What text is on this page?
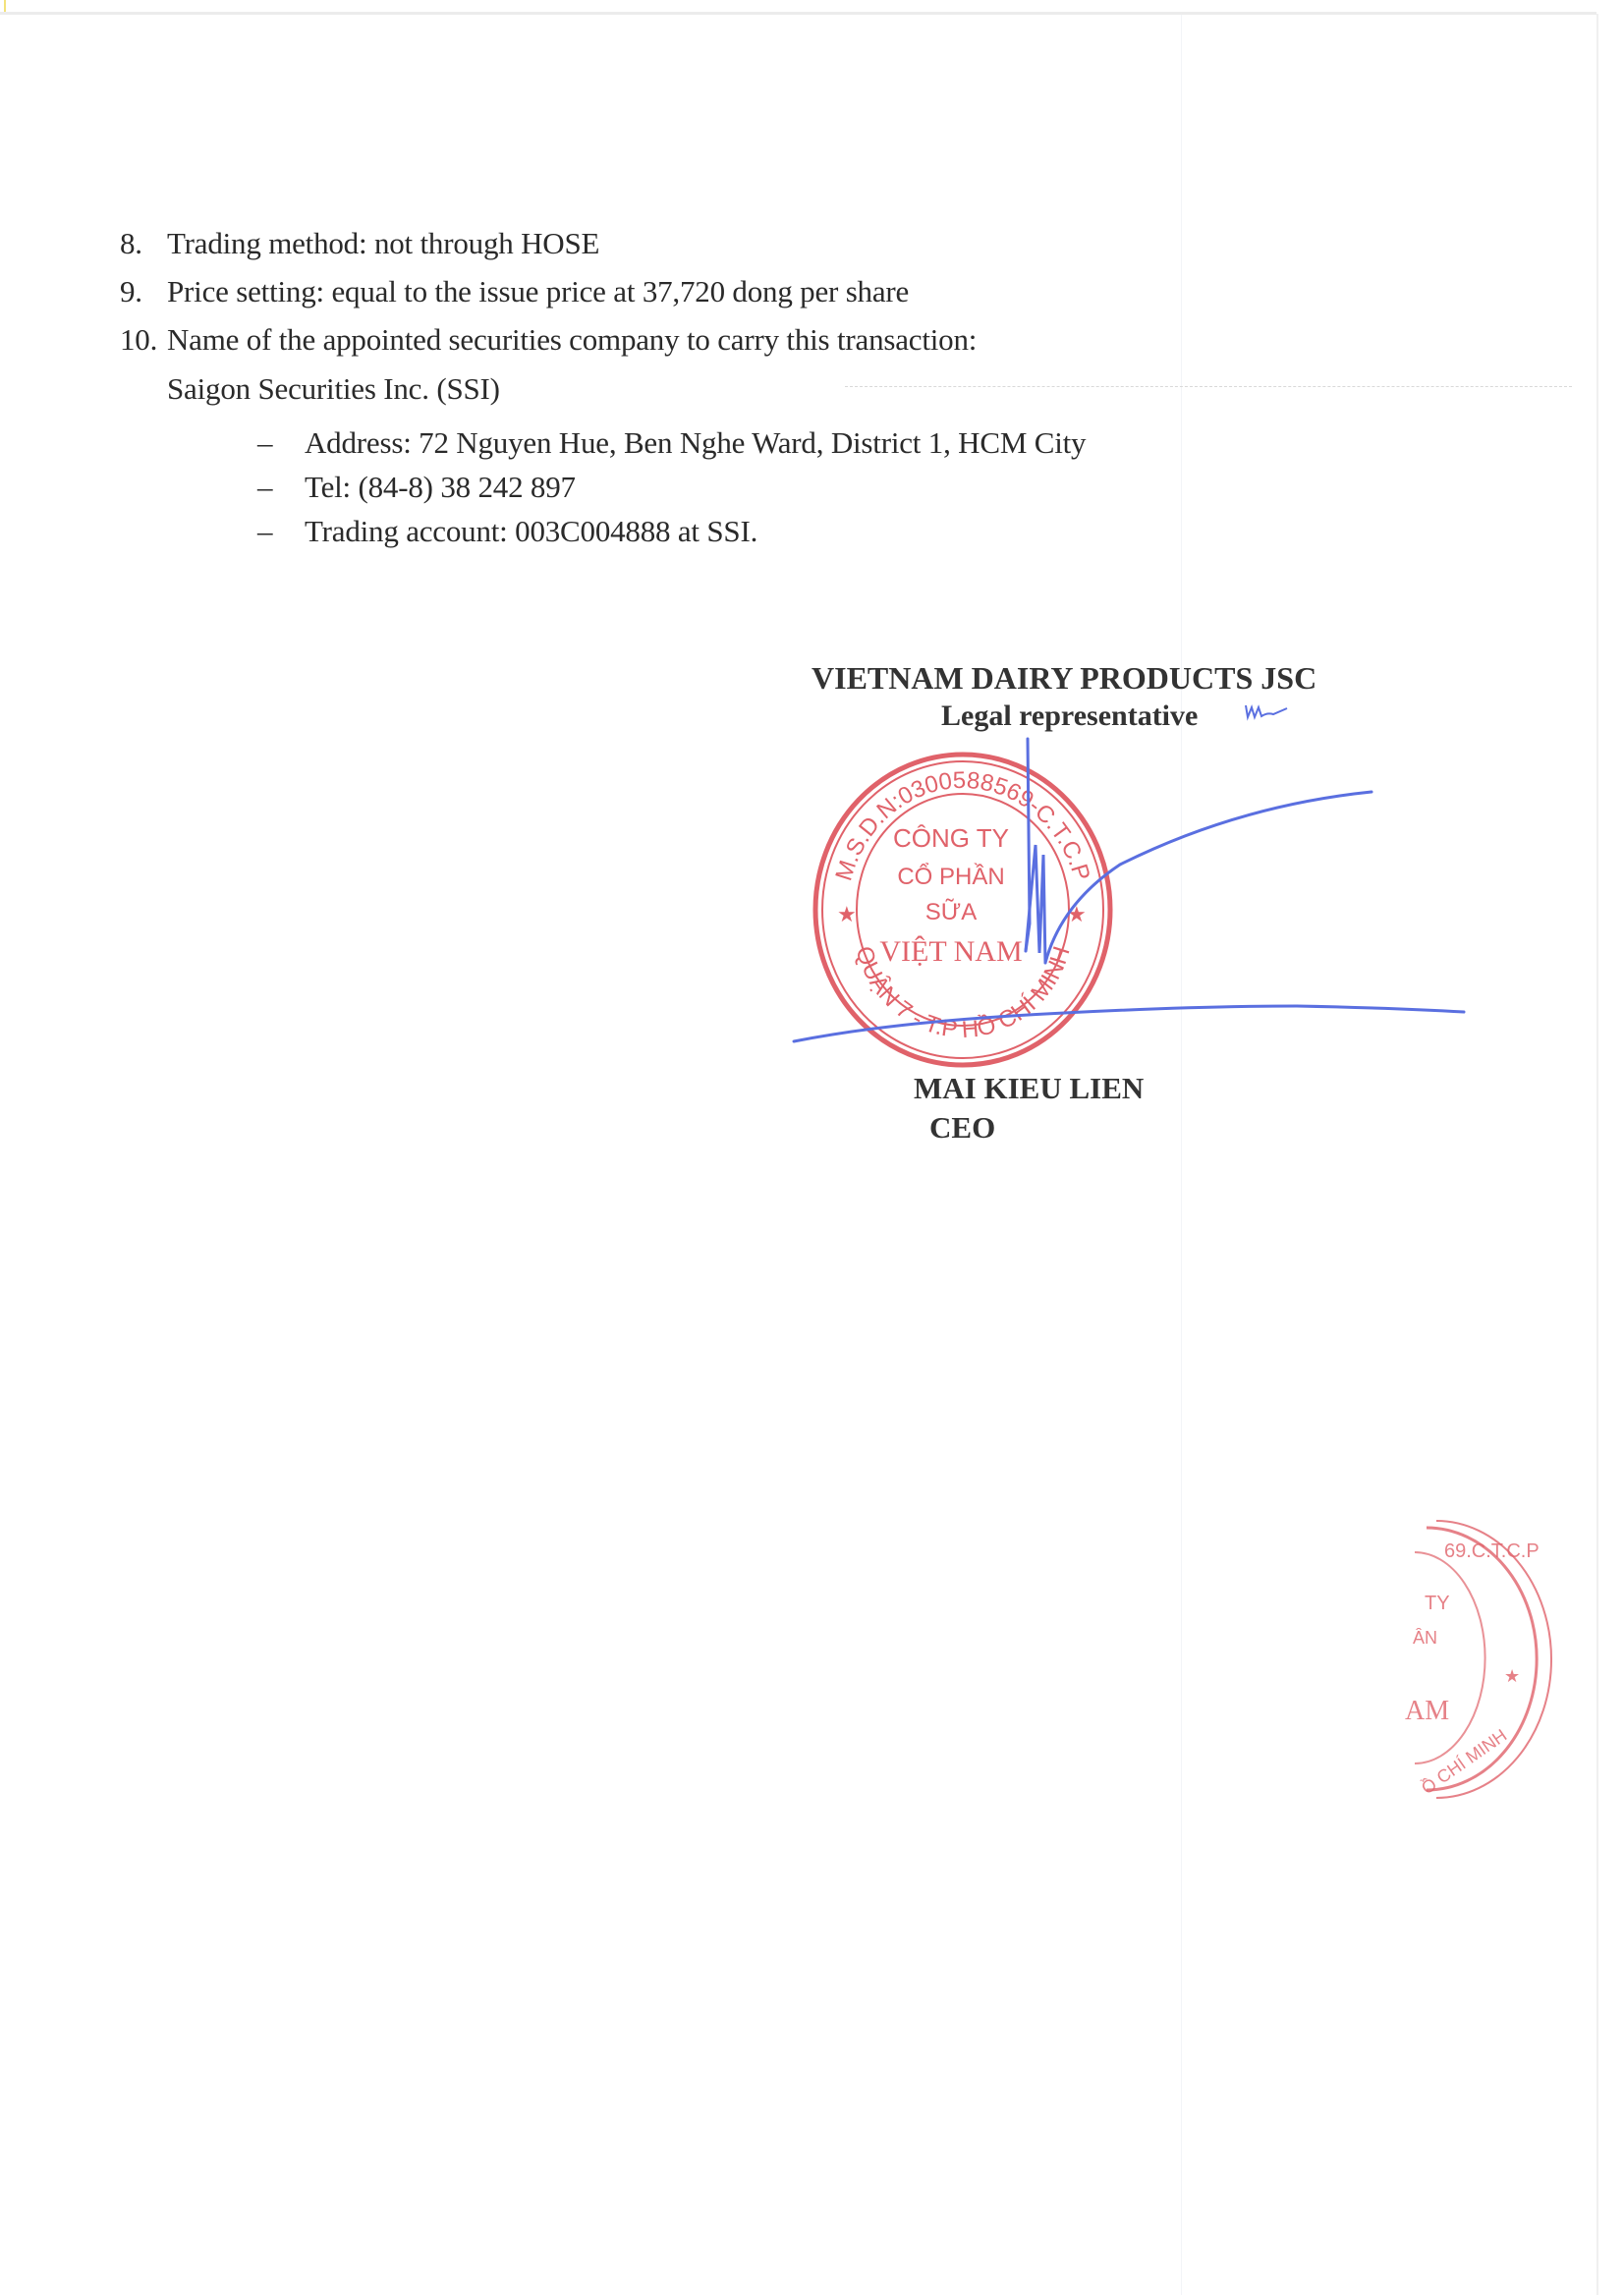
8. Trading method: not through HOSE
9. Price setting: equal to the issue price at 37,720 dong per share
10. Name of the appointed securities company to carry this transaction:
Saigon Securities Inc. (SSI)
– Address: 72 Nguyen Hue, Ben Nghe Ward, District 1, HCM City
– Tel: (84-8) 38 242 897
– Trading account: 003C004888 at SSI.
VIETNAM DAIRY PRODUCTS JSC
Legal representative
M.S.D.N:0300588569-C.T.C.P
QUẬN 7 - T.P HỒ CHÍ MINH
★	★
CÔNG TY
CỔ PHẦN
SỮA
VIỆT NAM
69.C.T.C.P
TY
ÂN
AM
Ồ CHÍ MINH
★
MAI KIEU LIEN
CEO
